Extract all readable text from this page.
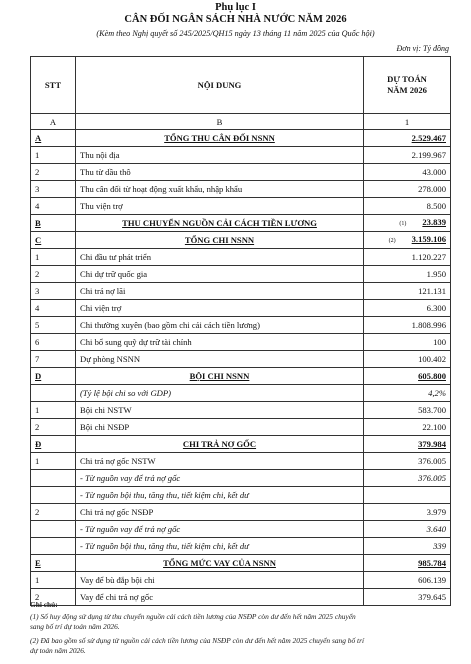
Phụ lục I
CÂN ĐỐI NGÂN SÁCH NHÀ NƯỚC NĂM 2026
(Kèm theo Nghị quyết số 245/2025/QH15 ngày 13 tháng 11 năm 2025 của Quốc hội)
Đơn vị: Tỷ đồng
STT	NỘI DUNG	DỰ TOÁN
NĂM 2026
A	B	1
A	TỔNG THU CÂN ĐỐI NSNN	2.529.467
1	Thu nội địa	2.199.967
2	Thu từ dầu thô	43.000
3	Thu cân đối từ hoạt động xuất khẩu, nhập khẩu	278.000
4	Thu viện trợ	8.500
B	THU CHUYỂN NGUỒN CẢI CÁCH TIỀN LƯƠNG	(1) 23.839
C	TỔNG CHI NSNN	(2) 3.159.106
1	Chi đầu tư phát triển	1.120.227
2	Chi dự trữ quốc gia	1.950
3	Chi trả nợ lãi	121.131
4	Chi viện trợ	6.300
5	Chi thường xuyên (bao gồm chi cải cách tiền lương)	1.808.996
6	Chi bổ sung quỹ dự trữ tài chính	100
7	Dự phòng NSNN	100.402
D	BỘI CHI NSNN	605.800
	(Tỷ lệ bội chi so với GDP)	4,2%
1	Bội chi NSTW	583.700
2	Bội chi NSĐP	22.100
Đ	CHI TRẢ NỢ GỐC	379.984
1	Chi trả nợ gốc NSTW	376.005
	- Từ nguồn vay để trả nợ gốc	376.005
	- Từ nguồn bội thu, tăng thu, tiết kiệm chi, kết dư	
2	Chi trả nợ gốc NSĐP	3.979
	- Từ nguồn vay để trả nợ gốc	3.640
	- Từ nguồn bội thu, tăng thu, tiết kiệm chi, kết dư	339
E	TỔNG MỨC VAY CỦA NSNN	985.784
1	Vay để bù đắp bội chi	606.139
2	Vay để chi trả nợ gốc	379.645
Ghi chú:
(1) Số huy động sử dụng từ thu chuyển nguồn cải cách tiền lương của NSĐP còn dư đến hết năm 2025 chuyển
sang bố trí dự toán năm 2026.
(2) Đã bao gồm số sử dụng từ nguồn cải cách tiền lương của NSĐP còn dư đến hết năm 2025 chuyển sang bố trí
dự toán năm 2026.
